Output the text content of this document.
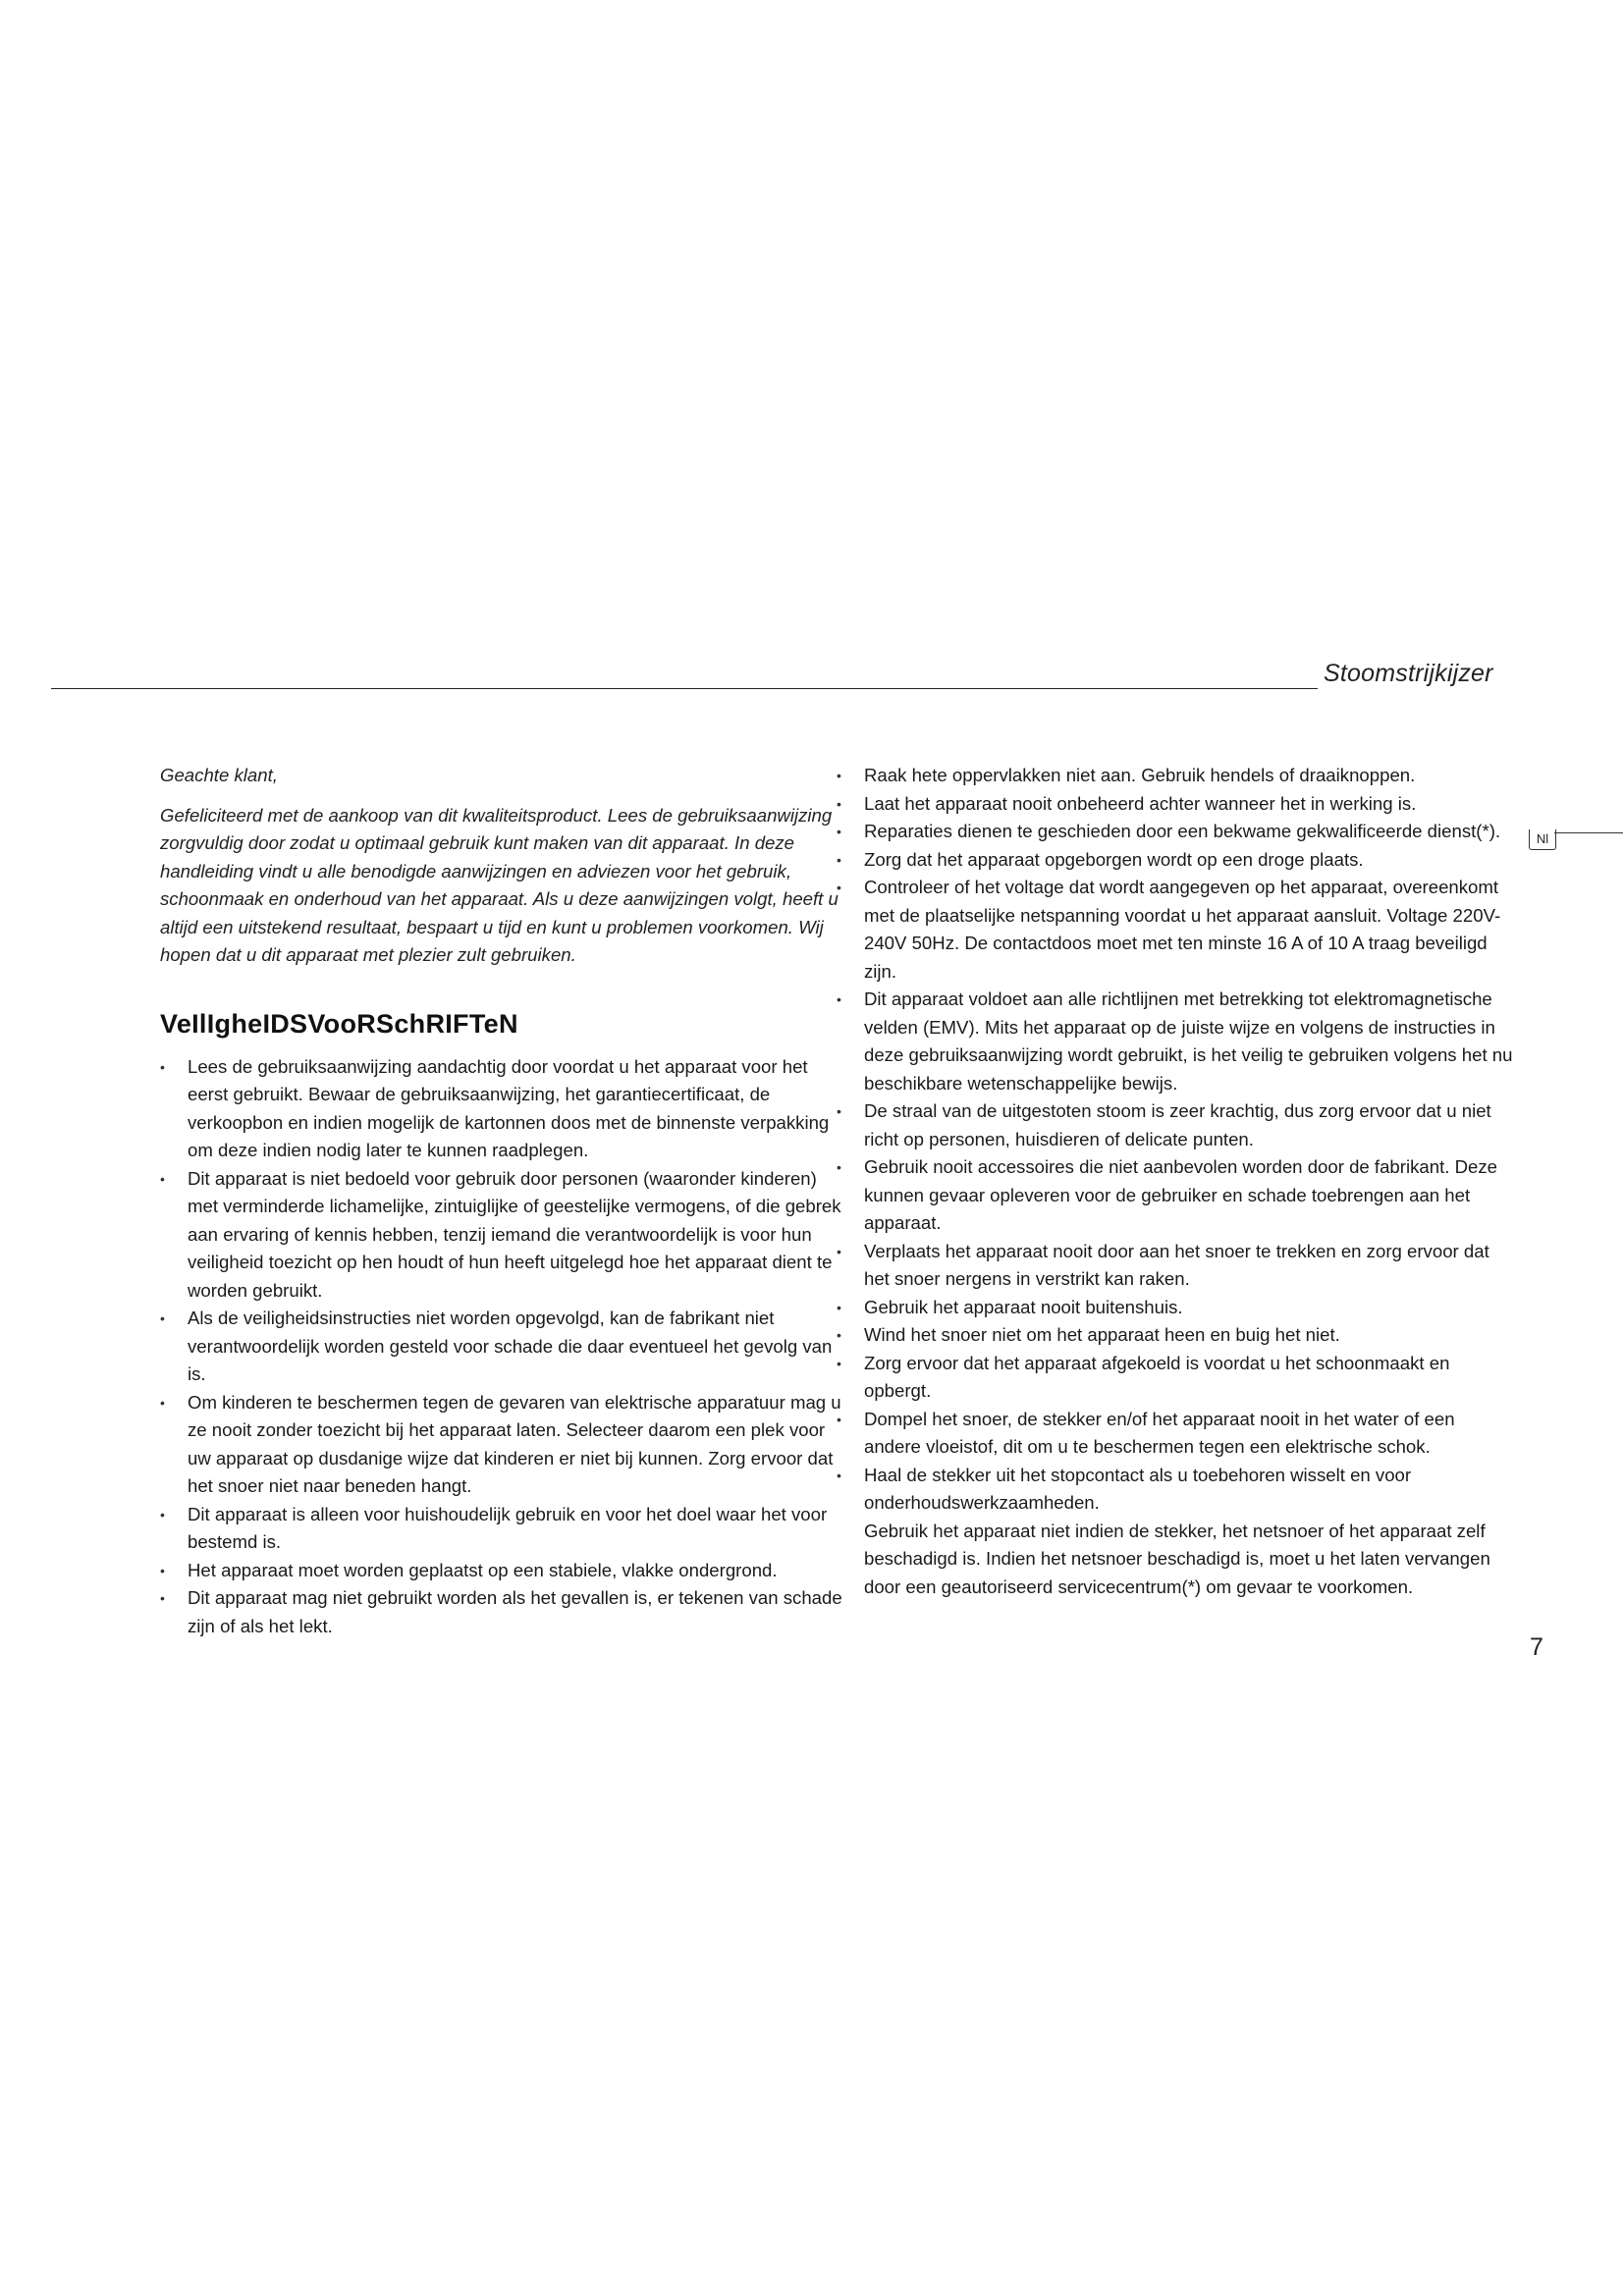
Stoomstrijkijzer
Nl

Geachte klant,

Gefeliciteerd met de aankoop van dit kwaliteitsproduct. Lees de gebruiksaanwijzing zorgvuldig door zodat u optimaal gebruik kunt maken van dit apparaat. In deze handleiding vindt u alle benodigde aanwijzingen en adviezen voor het gebruik, schoonmaak en onderhoud van het apparaat. Als u deze aanwijzingen volgt, heeft u altijd een uitstekend resultaat, bespaart u tijd en kunt u problemen voorkomen. Wij hopen dat u dit apparaat met plezier zult gebruiken.

VeIlIgheIDSVooRSchRIFTeN
• Lees de gebruiksaanwijzing aandachtig door voordat u het apparaat voor het eerst gebruikt. Bewaar de gebruiksaanwijzing, het garantiecertificaat, de verkoopbon en indien mogelijk de kartonnen doos met de binnenste verpakking om deze indien nodig later te kunnen raadplegen.
• Dit apparaat is niet bedoeld voor gebruik door personen (waaronder kinderen) met verminderde lichamelijke, zintuiglijke of geestelijke vermogens, of die gebrek aan ervaring of kennis hebben, tenzij iemand die verantwoordelijk is voor hun veiligheid toezicht op hen houdt of hun heeft uitgelegd hoe het apparaat dient te worden gebruikt.
• Als de veiligheidsinstructies niet worden opgevolgd, kan de fabrikant niet verantwoordelijk worden gesteld voor schade die daar eventueel het gevolg van is.
• Om kinderen te beschermen tegen de gevaren van elektrische apparatuur mag u ze nooit zonder toezicht bij het apparaat laten. Selecteer daarom een plek voor uw apparaat op dusdanige wijze dat kinderen er niet bij kunnen. Zorg ervoor dat het snoer niet naar beneden hangt.
• Dit apparaat is alleen voor huishoudelijk gebruik en voor het doel waar het voor bestemd is.
• Het apparaat moet worden geplaatst op een stabiele, vlakke ondergrond.
• Dit apparaat mag niet gebruikt worden als het gevallen is, er tekenen van schade zijn of als het lekt.
• Raak hete oppervlakken niet aan. Gebruik hendels of draaiknoppen.
• Laat het apparaat nooit onbeheerd achter wanneer het in werking is.
• Reparaties dienen te geschieden door een bekwame gekwalificeerde dienst(*).
• Zorg dat het apparaat opgeborgen wordt op een droge plaats.
• Controleer of het voltage dat wordt aangegeven op het apparaat, overeenkomt met de plaatselijke netspanning voordat u het apparaat aansluit. Voltage 220V-240V 50Hz. De contactdoos moet met ten minste 16 A of 10 A traag beveiligd zijn.
• Dit apparaat voldoet aan alle richtlijnen met betrekking tot elektromagnetische velden (EMV). Mits het apparaat op de juiste wijze en volgens de instructies in deze gebruiksaanwijzing wordt gebruikt, is het veilig te gebruiken volgens het nu beschikbare wetenschappelijke bewijs.
• De straal van de uitgestoten stoom is zeer krachtig, dus zorg ervoor dat u niet richt op personen, huisdieren of delicate punten.
• Gebruik nooit accessoires die niet aanbevolen worden door de fabrikant. Deze kunnen gevaar opleveren voor de gebruiker en schade toebrengen aan het apparaat.
• Verplaats het apparaat nooit door aan het snoer te trekken en zorg ervoor dat het snoer nergens in verstrikt kan raken.
• Gebruik het apparaat nooit buitenshuis.
• Wind het snoer niet om het apparaat heen en buig het niet.
• Zorg ervoor dat het apparaat afgekoeld is voordat u het schoonmaakt en opbergt.
• Dompel het snoer, de stekker en/of het apparaat nooit in het water of een andere vloeistof, dit om u te beschermen tegen een elektrische schok.
• Haal de stekker uit het stopcontact als u toebehoren wisselt en voor onderhoudswerkzaamheden.
Gebruik het apparaat niet indien de stekker, het netsnoer of het apparaat zelf beschadigd is. Indien het netsnoer beschadigd is, moet u het laten vervangen door een geautoriseerd servicecentrum(*) om gevaar te voorkomen.
7
